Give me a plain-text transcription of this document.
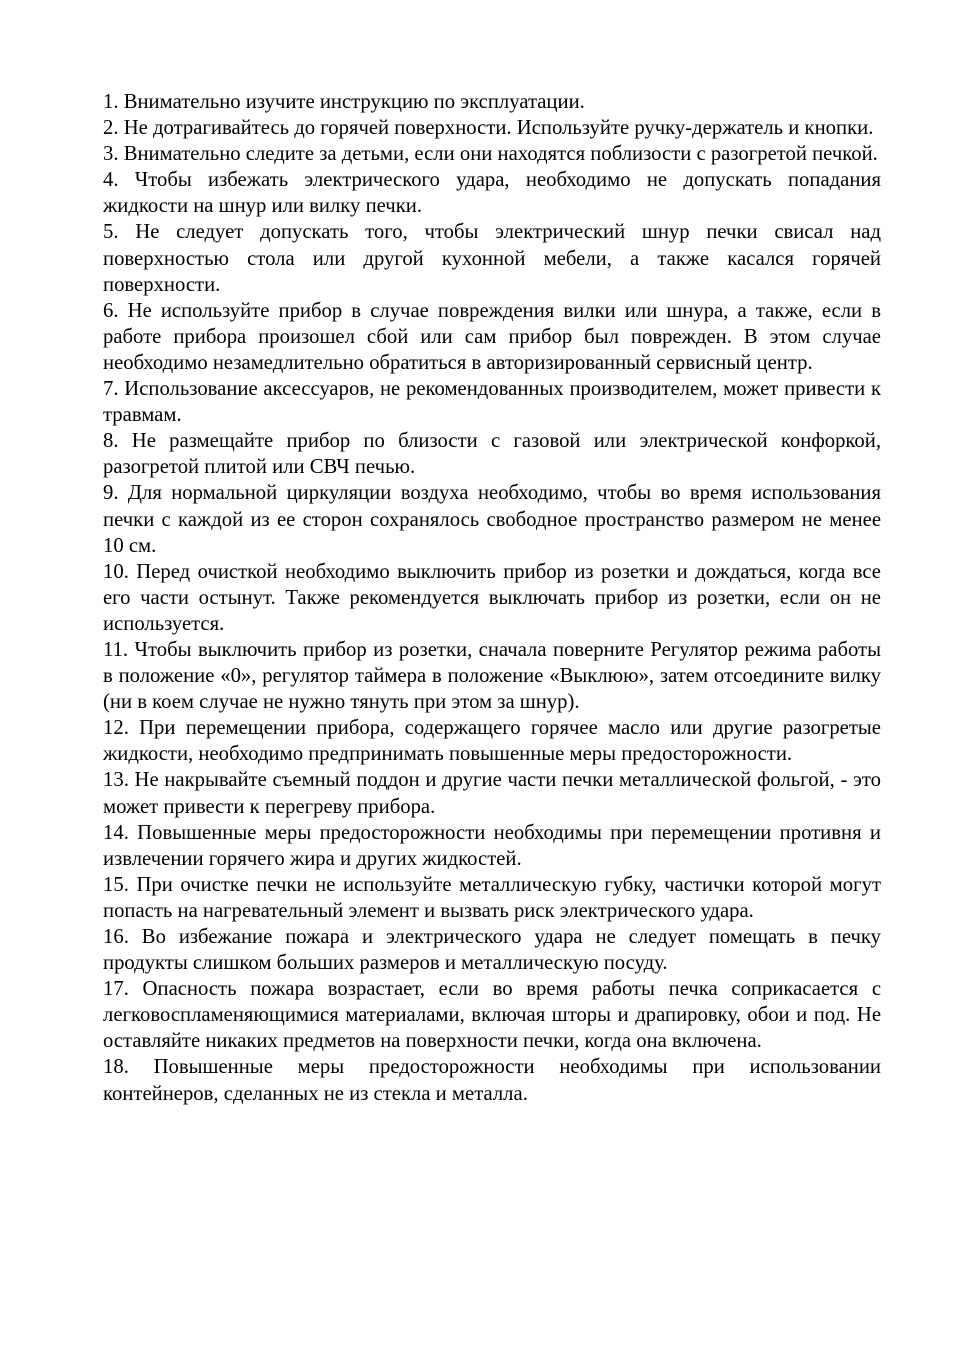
1. Внимательно изучите инструкцию по эксплуатации.

2. Не дотрагивайтесь до горячей поверхности. Используйте ручку-держатель и кнопки.

3. Внимательно следите за детьми, если они находятся поблизости с разогретой печкой.

4. Чтобы избежать электрического удара, необходимо не допускать попадания жидкости на шнур или вилку печки.

5. Не следует допускать того, чтобы электрический шнур печки свисал над поверхностью стола или другой кухонной мебели, а также касался горячей поверхности.

6. Не используйте прибор в случае повреждения вилки или шнура, а также, если в работе прибора произошел сбой или сам прибор был поврежден. В этом случае необходимо незамедлительно обратиться в авторизированный сервисный центр.

7. Использование аксессуаров, не рекомендованных производителем, может привести к травмам.

8. Не размещайте прибор по близости с газовой или электрической конфоркой, разогретой плитой или СВЧ печью.

9. Для нормальной циркуляции воздуха необходимо, чтобы во время использования печки с каждой из ее сторон сохранялось свободное пространство размером не менее 10 см.

10. Перед очисткой необходимо выключить прибор из розетки и дождаться, когда все его части остынут. Также рекомендуется выключать прибор из розетки, если он не используется.

11. Чтобы выключить прибор из розетки, сначала поверните Регулятор режима работы в положение «0», регулятор таймера в положение «Выклюю», затем отсоедините вилку (ни в коем случае не нужно тянуть при этом за шнур).

12. При перемещении прибора, содержащего горячее масло или другие разогретые жидкости, необходимо предпринимать повышенные меры предосторожности.

13. Не накрывайте съемный поддон и другие части печки металлической фольгой, - это может привести к перегреву прибора.

14. Повышенные меры предосторожности необходимы при перемещении противня и извлечении горячего жира и других жидкостей.

15. При очистке печки не используйте металлическую губку, частички которой могут попасть на нагревательный элемент и вызвать риск электрического удара.

16. Во избежание пожара и электрического удара не следует помещать в печку продукты слишком больших размеров и металлическую посуду.

17. Опасность пожара возрастает, если во время работы печка соприкасается с легковоспламеняющимися материалами, включая шторы и драпировку, обои и под. Не оставляйте никаких предметов на поверхности печки, когда она включена.

18. Повышенные меры предосторожности необходимы при использовании контейнеров, сделанных не из стекла и металла.
